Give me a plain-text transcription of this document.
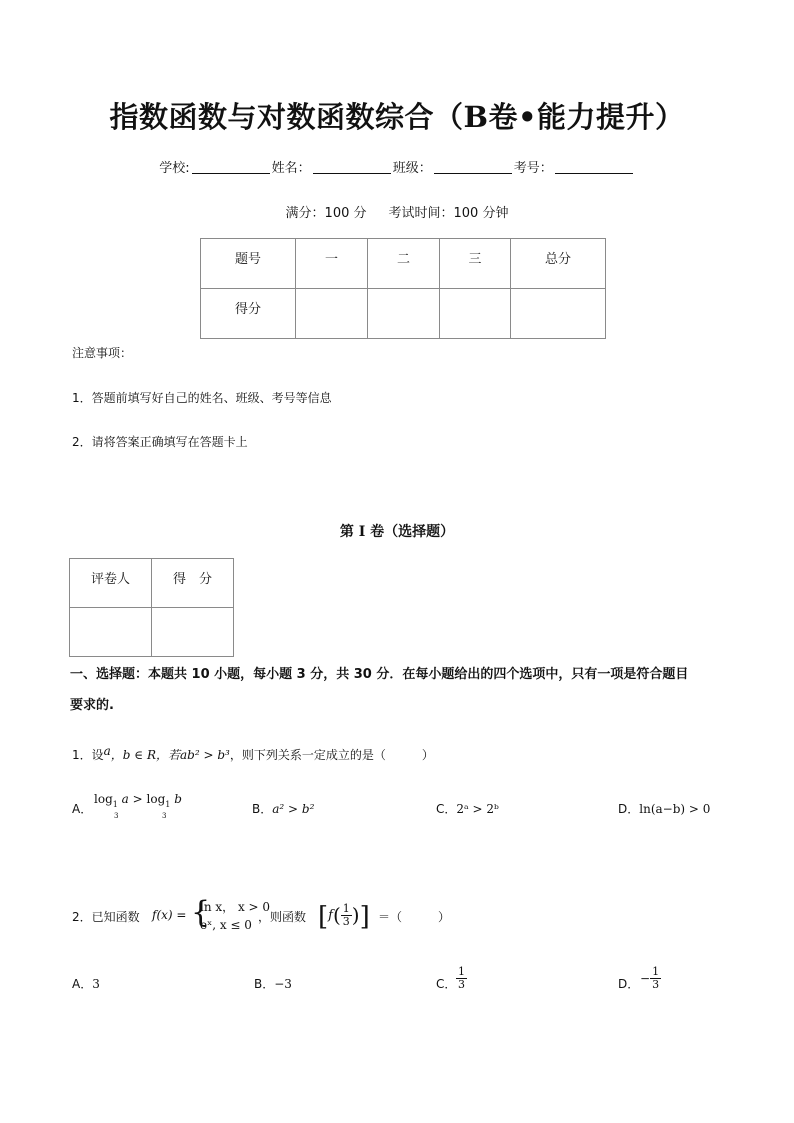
指数函数与对数函数综合（B卷•能力提升）
学校:	姓名：	班级：	考号：
满分：100 分 考试时间：100 分钟
题号	一	二	三	总分
得分				
注意事项：
1．答题前填写好自己的姓名、班级、考号等信息
2．请将答案正确填写在答题卡上
第 I 卷（选择题）
评卷人	得　分

一、选择题：本题共 10 小题，每小题 3 分，共 30 分．在每小题给出的四个选项中，只有一项是符合题目
要求的.
1．设a，b ∈ R，若ab² > b³，则下列关系一定成立的是（　　　）
A．
$\log_1 a > \log_1 b$
3	3	B．a² > b²	C．2ᵃ > 2ᵇ	D．ln(a−b) > 0
2．已知函数 f(x) = {
ln x， x > 0
eˣ, x ≤ 0
，则函数 [$f( \frac{1}{3}$ )] ＝（　　　）
A．3	B．−3	C． $\frac{1}{3}$	D． − $\frac{1}{3}$
